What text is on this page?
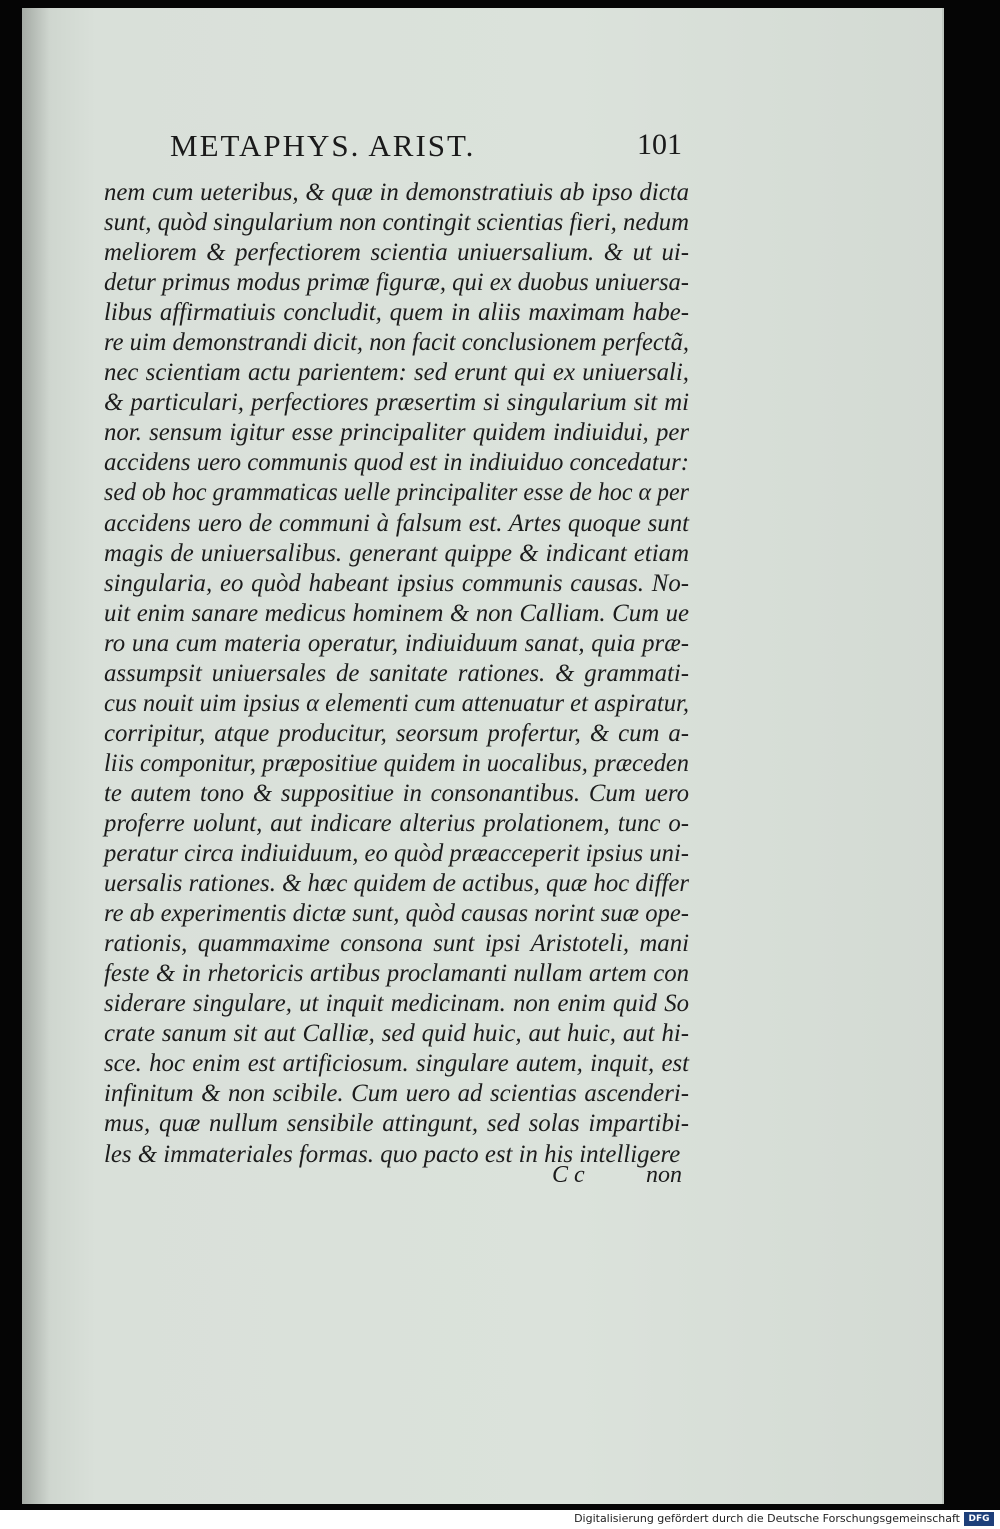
METAPHYS. ARIST.	101
nem cum ueteribus, & quæ in demonstratiuis ab ipso dicta
sunt, quòd singularium non contingit scientias fieri, nedum
meliorem & perfectiorem scientia uniuersalium. & ut ui-
detur primus modus primæ figuræ, qui ex duobus uniuersa-
libus affirmatiuis concludit, quem in aliis maximam habe-
re uim demonstrandi dicit, non facit conclusionem perfectã,
nec scientiam actu parientem: sed erunt qui ex uniuersali,
& particulari, perfectiores præsertim si singularium sit mi
nor. sensum igitur esse principaliter quidem indiuidui, per
accidens uero communis quod est in indiuiduo concedatur:
sed ob hoc grammaticas uelle principaliter esse de hoc α per
accidens uero de communi à falsum est. Artes quoque sunt
magis de uniuersalibus. generant quippe & indicant etiam
singularia, eo quòd habeant ipsius communis causas. No-
uit enim sanare medicus hominem & non Calliam. Cum ue
ro una cum materia operatur, indiuiduum sanat, quia præ-
assumpsit uniuersales de sanitate rationes. & grammati-
cus nouit uim ipsius α elementi cum attenuatur et aspiratur,
corripitur, atque producitur, seorsum profertur, & cum a-
liis componitur, præpositiue quidem in uocalibus, præceden
te autem tono & suppositiue in consonantibus. Cum uero
proferre uolunt, aut indicare alterius prolationem, tunc o-
peratur circa indiuiduum, eo quòd præacceperit ipsius uni-
uersalis rationes. & hæc quidem de actibus, quæ hoc differ
re ab experimentis dictæ sunt, quòd causas norint suæ ope-
rationis, quammaxime consona sunt ipsi Aristoteli, mani
feste & in rhetoricis artibus proclamanti nullam artem con
siderare singulare, ut inquit medicinam. non enim quid So
crate sanum sit aut Calliæ, sed quid huic, aut huic, aut hi-
sce. hoc enim est artificiosum. singulare autem, inquit, est
infinitum & non scibile. Cum uero ad scientias ascenderi-
mus, quæ nullum sensibile attingunt, sed solas impartibi-
les & immateriales formas. quo pacto est in his intelligere
C c	non
Digitalisierung gefördert durch die Deutsche Forschungsgemeinschaft DFG
